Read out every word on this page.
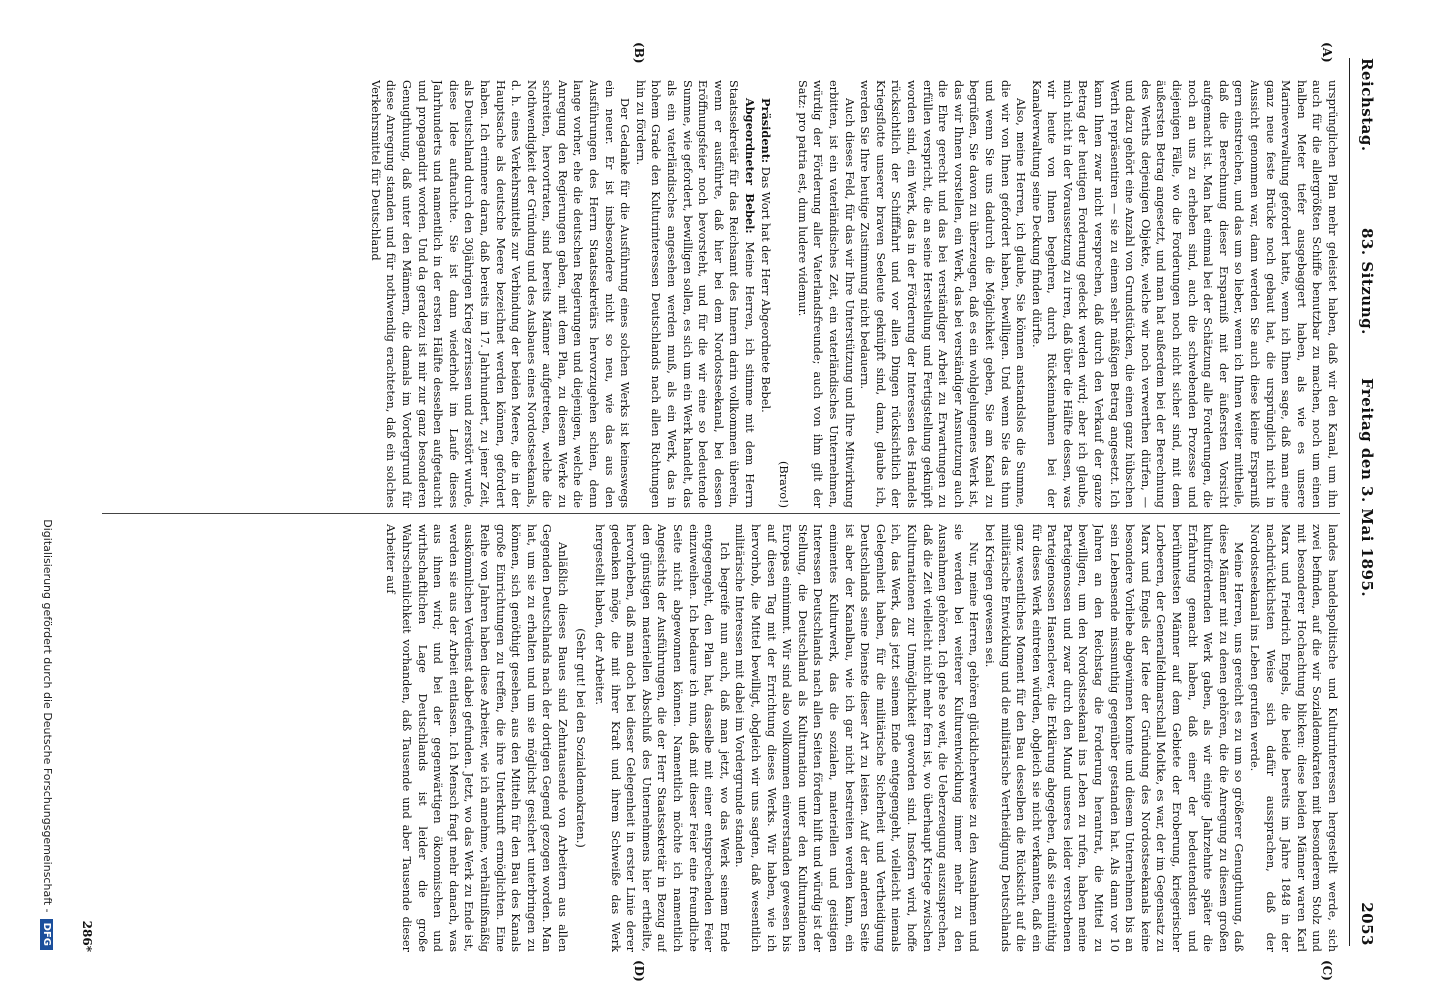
Reichstag.
83. Sitzung.
Freitag den 3. Mai 1895.
2053
(A)
(B)
(C)
(D)

ursprünglichen Plan mehr geleistet haben, daß wir den Kanal, um ihn auch für die allergrößten Schiffe benutzbar zu machen, noch um einen halben Meter tiefer ausgebaggert haben, als wie es unsere Marineverwaltung gefordert hatte, wenn ich Ihnen sage, daß man eine ganz neue feste Brücke noch gebaut hat, die ursprünglich nicht in Aussicht genommen war, dann werden Sie auch diese kleine Ersparniß gern einstreichen, und das um so lieber, wenn ich Ihnen weiter mittheile, daß die Berechnung dieser Ersparniß mit der äußersten Vorsicht aufgemacht ist. Man hat einmal bei der Schätzung alle Forderungen, die noch an uns zu erheben sind, auch die schwebenden Prozesse und diejenigen Fälle, wo die Forderungen noch nicht sicher sind, mit dem äußersten Betrag angesetzt, und man hat außerdem bei der Berechnung des Werths derjenigen Objekte, welche wir noch verwerthen dürfen, — und dazu gehört eine Anzahl von Grundstücken, die einen ganz hübschen Werth repräsentiren — sie zu einem sehr mäßigen Betrag angesetzt. Ich kann Ihnen zwar nicht versprechen, daß durch den Verkauf der ganze Betrag der heutigen Forderung gedeckt werden wird; aber ich glaube, mich nicht in der Voraussetzung zu irren, daß über die Hälfte dessen, was wir heute von Ihnen begehren, durch Rückeinnahmen bei der Kanalverwaltung seine Deckung finden dürfte.

Also, meine Herren, ich glaube, Sie können anstandslos die Summe, die wir von Ihnen gefordert haben, bewilligen. Und wenn Sie das thun und wenn Sie uns dadurch die Möglichkeit geben, Sie am Kanal zu begrüßen, Sie davon zu überzeugen, daß es ein wohlgelungenes Werk ist, das wir Ihnen vorstellen, ein Werk, das bei verständiger Ansnutzung auch die Ehre gerecht und das bei verständiger Arbeit zu Erwartungen zu erfüllen verspricht, die an seine Herstellung und Fertigstellung geknüpft worden sind, ein Werk, das in der Förderung der Interessen des Handels rücksichtlich der Schifffahrt und vor allen Dingen rücksichtlich der Kriegsflotte unserer braven Seeleute geknüpft sind, dann, glaube ich, werden Sie Ihre heutige Zustimmung nicht bedauern.

Auch dieses Feld, für das wir Ihre Unterstützung und Ihre Mitwirkung erbitten, ist ein vaterländisches Zeit, ein vaterländisches Unternehmen, würdig der Förderung aller Vaterlandsfreunde; auch von ihm gilt der Satz: pro patria est, dum ludere videmur.

(Bravo!)

Präsident: Das Wort hat der Herr Abgeordnete Bebel.

Abgeordneter Bebel: Meine Herren, ich stimme mit dem Herrn Staatssekretär für das Reichsamt des Innern darin vollkommen überein, wenn er ausführte, daß hier bei dem Nordostseekanal, bei dessen Eröffnungsfeier noch bevorsteht, und für die wir eine so bedeutende Summe, wie gefordert, bewilligen sollen, es sich um ein Werk handelt, das als ein vaterländisches angesehen werden muß, als ein Werk, das in hohem Grade den Kulturinteressen Deutschlands nach allen Richtungen hin zu fördern.

Der Gedanke für die Ausführung eines solchen Werks ist keineswegs ein neuer. Er ist insbesondere nicht so neu, wie das aus den Ausführungen des Herrn Staatssekretärs hervorzugehen schien, denn lange vorher, ehe die deutschen Regierungen und diejenigen, welche die Anregung den Regierungen gaben, mit dem Plan, zu diesem Werke zu schreiten, hervortraten, sind bereits Männer aufgetreten, welche die Nothwendigkeit der Gründung und des Ausbaues eines Nordostseekanals, d. h. eines Verkehrsmittels zur Verbindung der beiden Meere, die in der Hauptsache als deutsche Meere bezeichnet werden können, gefordert haben. Ich erinnere daran, daß bereits im 17. Jahrhundert, zu jener Zeit, als Deutschland durch den 30jährigen Krieg zerrissen und zerstört wurde, diese Idee auftauchte. Sie ist dann wiederholt im Laufe dieses Jahrhunderts und namentlich in der ersten Hälfte desselben aufgetaucht und propagandirt worden. Und da geradezu ist mir zur ganz besonderen Genugthuung, daß unter den Männern, die damals im Vordergrund für diese Anregung standen und für nothwendig erachteten, daß ein solches Verkehrsmittel für Deutschland

landes handelspolitische und Kulturinteressen hergestellt werde, sich zwei befinden, auf die wir Sozialdemokraten mit besonderem Stolz und mit besonderer Hochachtung blicken: diese beiden Männer waren Karl Marx und Friedrich Engels, die beide bereits im Jahre 1848 in der nachdrücklichsten Weise sich dafür aussprachen, daß der Nordostseekanal ins Leben gerufen werde.

Meine Herren, uns gereicht es zu um so größerer Genugthuung, daß diese Männer mit zu denen gehören, die die Anregung zu diesem großen kulturfördernden Werk gaben, als wir einige Jahrzehnte später die Erfahrung gemacht haben, daß einer der bedeutendsten und berühmtesten Männer auf dem Gebiete der Eroberung, kriegerischer Lorbeeren, der Generalfeldmarschall Moltke, es war, der im Gegensatz zu Marx und Engels der Idee der Gründung des Nordostseekanals keine besondere Vorliebe abgewinnen konnte und diesem Unternehmen bis an sein Lebensende missmuthig gegenüber gestanden hat. Als dann vor 10 Jahren an den Reichstag die Forderung herantrat, die Mittel zu bewilligen, um den Nordostseekanal ins Leben zu rufen, haben meine Parteigenossen und zwar durch den Mund unseres leider verstorbenen Parteigenossen Hasenclever, die Erklärung abgegeben, daß sie einmüthig für dieses Werk eintreten würden, obgleich sie nicht verkannten, daß ein ganz wesentliches Moment für den Bau desselben die Rücksicht auf die militärische Entwicklung und die militärische Vertheidigung Deutschlands bei Kriegen gewesen sei.

Nur, meine Herren, gehören glücklicherweise zu den Ausnahmen und sie werden bei weiterer Kulturentwicklung immer mehr zu den Ausnahmen gehören. Ich gehe so weit, die Ueberzeugung auszusprechen, daß die Zeit vielleicht nicht mehr fern ist, wo überhaupt Kriege zwischen Kulturnationen zur Unmöglichkeit geworden sind. Insofern wird, hoffe ich, das Werk, das jetzt seinem Ende entgegengeht, vielleicht niemals Gelegenheit haben, für die militärische Sicherheit und Vertheidigung Deutschlands seine Dienste dieser Art zu leisten. Auf der anderen Seite ist aber der Kanalbau, wie ich gar nicht bestreiten werden kann, ein eminentes Kulturwerk, das die sozialen, materiellen und geistigen Interessen Deutschlands nach allen Seiten fördern hilft und würdig ist der Stellung, die Deutschland als Kulturnation unter den Kulturnationen Europas einnimmt. Wir sind also vollkommen einverstanden gewesen bis auf diesen Tag mit der Errichtung dieses Werks. Wir haben, wie ich hervorhob, die Mittel bewilligt, obgleich wir uns sagten, daß wesentlich militärische Interessen mit dabei im Vordergrunde standen.

Ich begreife nun auch, daß man jetzt, wo das Werk seinem Ende entgegengeht, den Plan hat, dasselbe mit einer entsprechenden Feier einzuweihen. Ich bedaure ich nun, daß mit dieser Feier eine freundliche Seite nicht abgewonnen können. Namentlich möchte ich namentlich Angesichts der Ausführungen, die der Herr Staatssekretär in Bezug auf den günstigen materiellen Abschluß des Unternehmens hier ertheilte, hervorheben, daß man doch bei dieser Gelegenheit in erster Linie derer gedenken möge, die mit ihrer Kraft und ihrem Schweiße das Werk hergestellt haben, der Arbeiter.

(Sehr gut! bei den Sozialdemokraten.)

Anläßlich dieses Baues sind Zehntausende von Arbeitern aus allen Gegenden Deutschlands nach der dortigen Gegend gezogen worden. Man hat, um sie zu erhalten und um sie möglichst gesichert unterbringen zu können, sich genöthigt gesehen, aus den Mitteln für den Bau des Kanals große Einrichtungen zu treffen, die ihre Unterkunft ermöglichten. Eine Reihe von Jahren haben diese Arbeiter, wie ich annehme, verhältnißmäßig auskömmlichen Verdienst dabei gefunden. Jetzt, wo das Werk zu Ende ist, werden sie aus der Arbeit entlassen. Ich Mensch fragt mehr danach, was aus ihnen wird; und bei der gegenwärtigen ökonomischen und wirthschaftlichen Lage Deutschlands ist leider die große Wahrscheinlichkeit vorhanden, daß Tausende und aber Tausende dieser Arbeiter auf

286*
Digitalisierung gefördert durch die Deutsche Forschungsgemeinschaft -DFG
